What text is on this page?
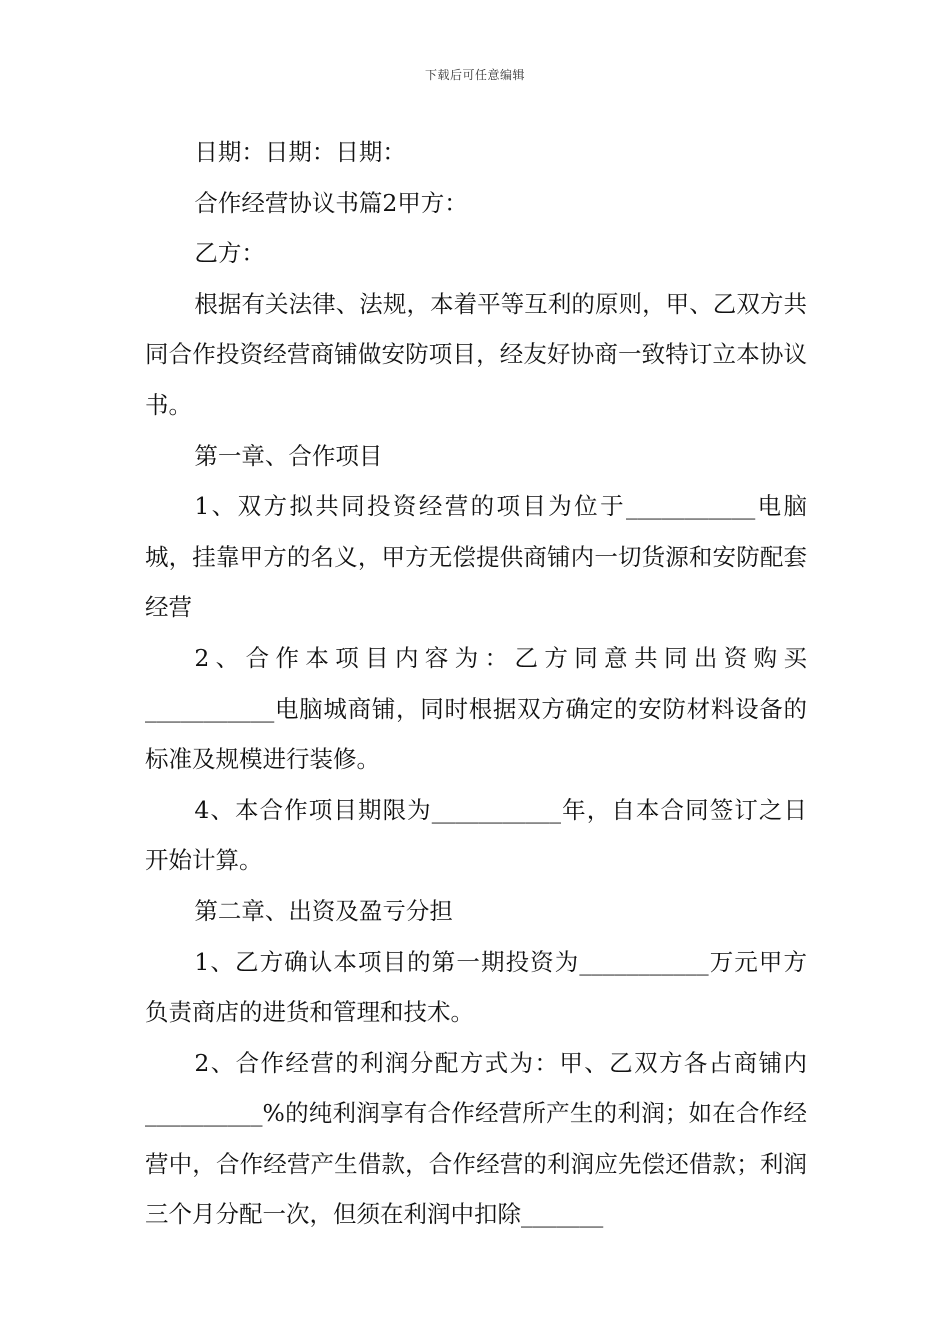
下载后可任意编辑

日期：日期：日期：

合作经营协议书篇2甲方：

乙方：

根据有关法律、法规，本着平等互利的原则，甲、乙双方共同合作投资经营商铺做安防项目，经友好协商一致特订立本协议书。

第一章、合作项目

1、双方拟共同投资经营的项目为位于___________电脑城，挂靠甲方的名义，甲方无偿提供商铺内一切货源和安防配套经营

2、合作本项目内容为：乙方同意共同出资购买___________电脑城商铺，同时根据双方确定的安防材料设备的标准及规模进行装修。

4、本合作项目期限为___________年，自本合同签订之日开始计算。

第二章、出资及盈亏分担

1、乙方确认本项目的第一期投资为___________万元甲方负责商店的进货和管理和技术。

2、合作经营的利润分配方式为：甲、乙双方各占商铺内__________%的纯利润享有合作经营所产生的利润；如在合作经营中，合作经营产生借款，合作经营的利润应先偿还借款；利润三个月分配一次，但须在利润中扣除_______
